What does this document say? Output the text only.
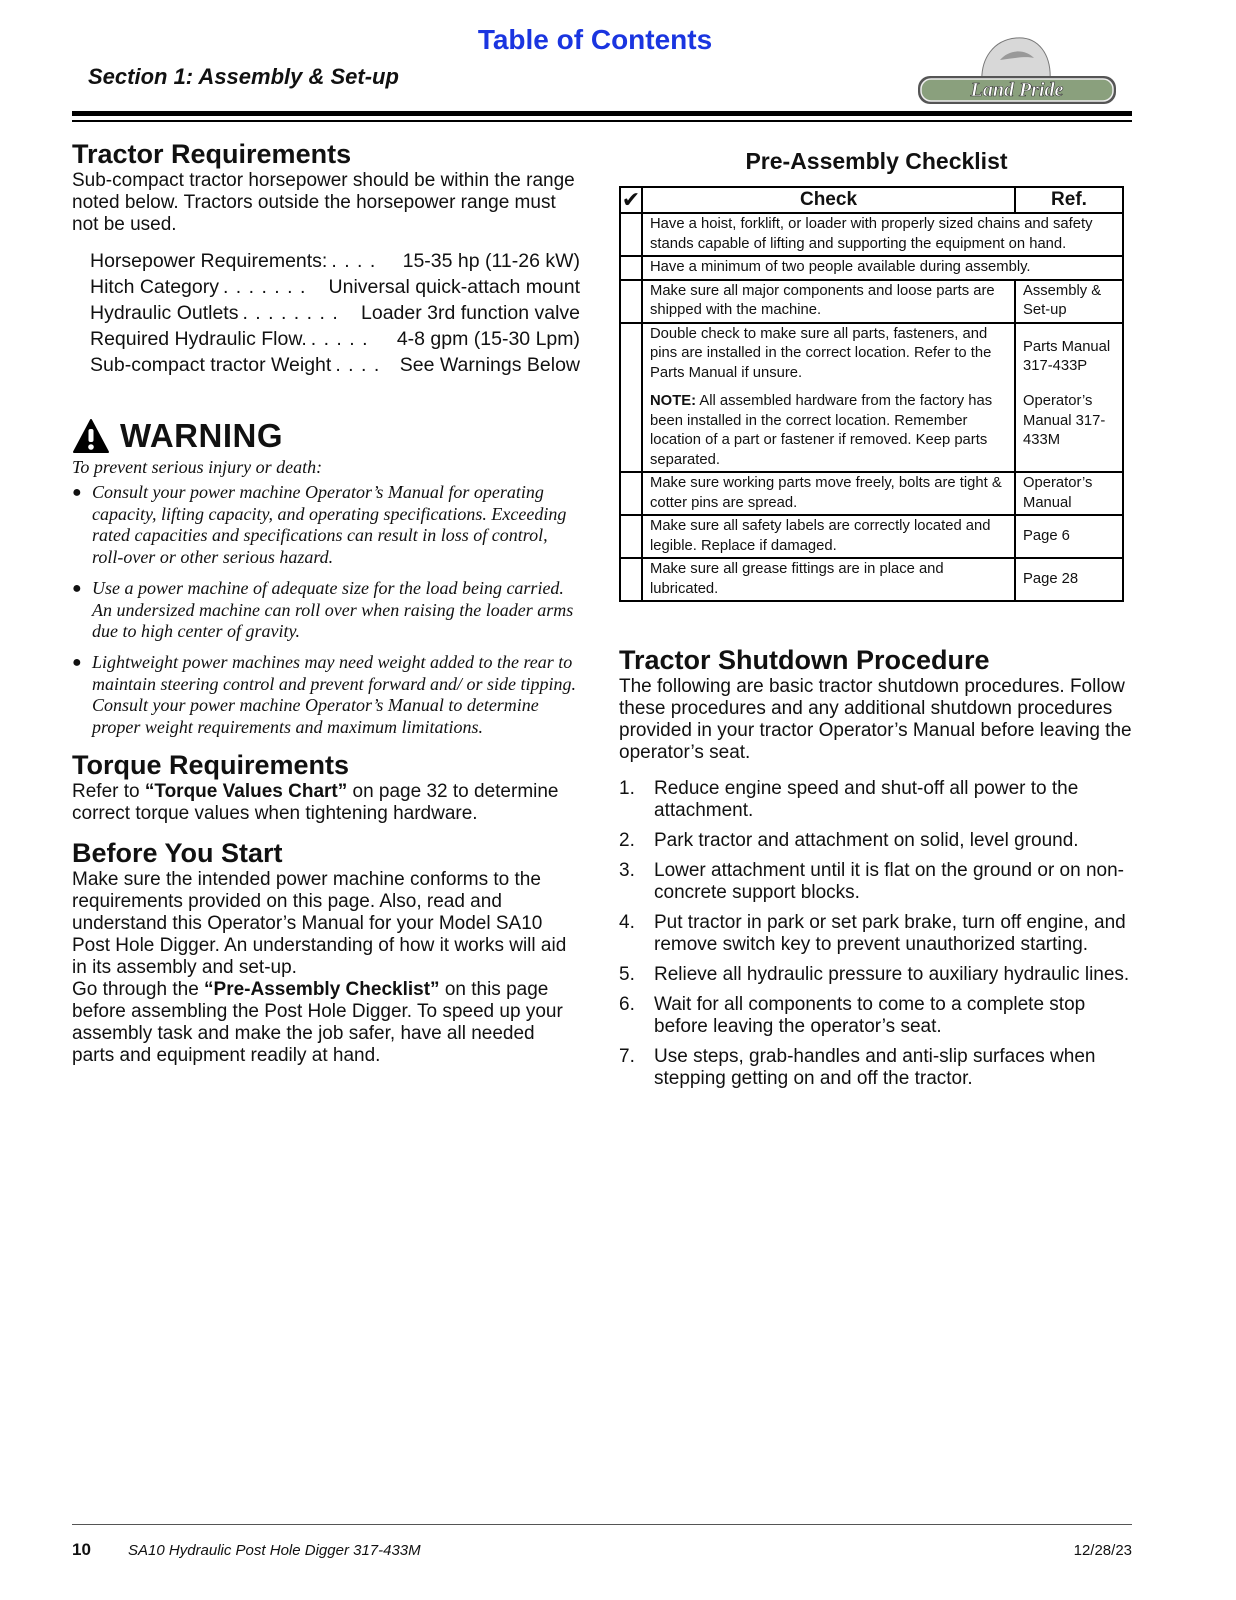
Table of Contents
Section 1: Assembly & Set-up
Land Pride
Tractor Requirements

Sub-compact tractor horsepower should be within the range noted below. Tractors outside the horsepower range must not be used.

Horsepower Requirements: . . . .	15-35 hp (11-26 kW)
Hitch Category . . . . . . .	Universal quick-attach mount
Hydraulic Outlets . . . . . . . .	Loader 3rd function valve
Required Hydraulic Flow. . . . . .	4-8 gpm (15-30 Lpm)
Sub-compact tractor Weight . . . . See Warnings Below
WARNING

To prevent serious injury or death:

● Consult your power machine Operator’s Manual for operating capacity, lifting capacity, and operating specifications. Exceeding rated capacities and specifications can result in loss of control, roll-over or other serious hazard.
● Use a power machine of adequate size for the load being carried. An undersized machine can roll over when raising the loader arms due to high center of gravity.
● Lightweight power machines may need weight added to the rear to maintain steering control and prevent forward and/ or side tipping. Consult your power machine Operator’s Manual to determine proper weight requirements and maximum limitations.
Torque Requirements

Refer to “Torque Values Chart” on page 32 to determine correct torque values when tightening hardware.

Before You Start

Make sure the intended power machine conforms to the requirements provided on this page. Also, read and understand this Operator’s Manual for your Model SA10 Post Hole Digger. An understanding of how it works will aid in its assembly and set-up.

Go through the “Pre-Assembly Checklist” on this page before assembling the Post Hole Digger. To speed up your assembly task and make the job safer, have all needed parts and equipment readily at hand.

Pre-Assembly Checklist
✔	Check	Ref.
	Have a hoist, forklift, or loader with properly sized chains and safety stands capable of lifting and supporting the equipment on hand.	
	Have a minimum of two people available during assembly.	
	Make sure all major components and loose parts are shipped with the machine.	Assembly & Set-up
	Double check to make sure all parts, fasteners, and pins are installed in the correct location. Refer to the Parts Manual if unsure.	Parts Manual 317-433P
	NOTE: All assembled hardware from the factory has been installed in the correct location. Remember location of a part or fastener if removed. Keep parts separated.	Operator’s Manual 317-433M
	Make sure working parts move freely, bolts are tight & cotter pins are spread.	Operator’s Manual
	Make sure all safety labels are correctly located and legible. Replace if damaged.	Page 6
	Make sure all grease fittings are in place and lubricated.	Page 28
Tractor Shutdown Procedure

The following are basic tractor shutdown procedures. Follow these procedures and any additional shutdown procedures provided in your tractor Operator’s Manual before leaving the operator’s seat.

1. Reduce engine speed and shut-off all power to the attachment.
2. Park tractor and attachment on solid, level ground.
3. Lower attachment until it is flat on the ground or on non-concrete support blocks.
4. Put tractor in park or set park brake, turn off engine, and remove switch key to prevent unauthorized starting.
5. Relieve all hydraulic pressure to auxiliary hydraulic lines.
6. Wait for all components to come to a complete stop before leaving the operator’s seat.
7. Use steps, grab-handles and anti-slip surfaces when stepping getting on and off the tractor.
10 SA10 Hydraulic Post Hole Digger 317-433M	12/28/23
